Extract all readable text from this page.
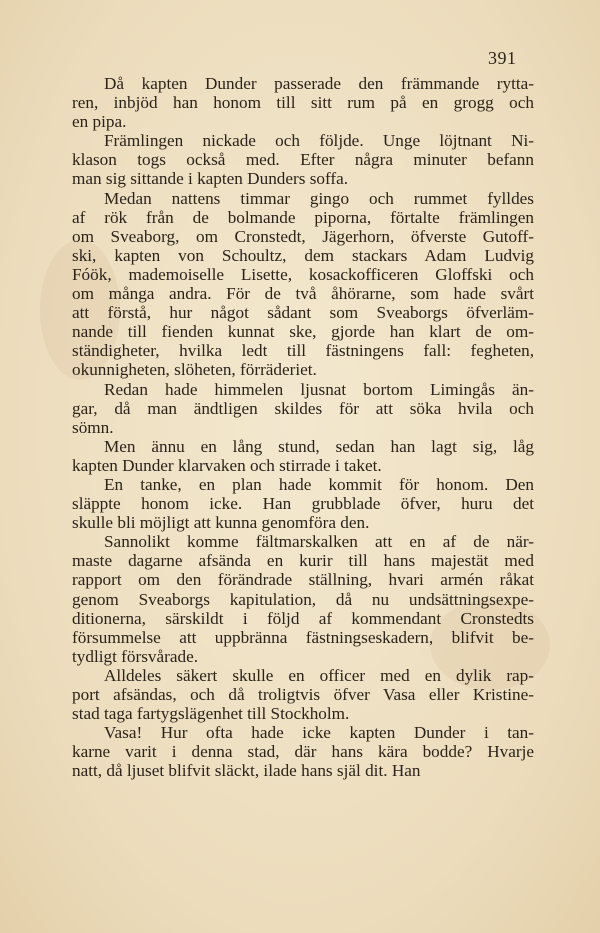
391
Då kapten Dunder passerade den främmande rytta-
ren, inbjöd han honom till sitt rum på en grogg och
en pipa.
Främlingen nickade och följde. Unge löjtnant Ni-
klason togs också med. Efter några minuter befann
man sig sittande i kapten Dunders soffa.
Medan nattens timmar gingo och rummet fylldes
af rök från de bolmande piporna, förtalte främlingen
om Sveaborg, om Cronstedt, Jägerhorn, öfverste Gutoff-
ski, kapten von Schoultz, dem stackars Adam Ludvig
Fóök, mademoiselle Lisette, kosackofficeren Gloffski och
om många andra. För de två åhörarne, som hade svårt
att förstå, hur något sådant som Sveaborgs öfverläm-
nande till fienden kunnat ske, gjorde han klart de om-
ständigheter, hvilka ledt till fästningens fall: fegheten,
okunnigheten, slöheten, förräderiet.
Redan hade himmelen ljusnat bortom Limingås än-
gar, då man ändtligen skildes för att söka hvila och
sömn.
Men ännu en lång stund, sedan han lagt sig, låg
kapten Dunder klarvaken och stirrade i taket.
En tanke, en plan hade kommit för honom. Den
släppte honom icke. Han grubblade öfver, huru det
skulle bli möjligt att kunna genomföra den.
Sannolikt komme fältmarskalken att en af de när-
maste dagarne afsända en kurir till hans majestät med
rapport om den förändrade ställning, hvari armén råkat
genom Sveaborgs kapitulation, då nu undsättningsexpe-
ditionerna, särskildt i följd af kommendant Cronstedts
försummelse att uppbränna fästningseskadern, blifvit be-
tydligt försvårade.
Alldeles säkert skulle en officer med en dylik rap-
port afsändas, och då troligtvis öfver Vasa eller Kristine-
stad taga fartygslägenhet till Stockholm.
Vasa! Hur ofta hade icke kapten Dunder i tan-
karne varit i denna stad, där hans kära bodde? Hvarje
natt, då ljuset blifvit släckt, ilade hans själ dit. Han
